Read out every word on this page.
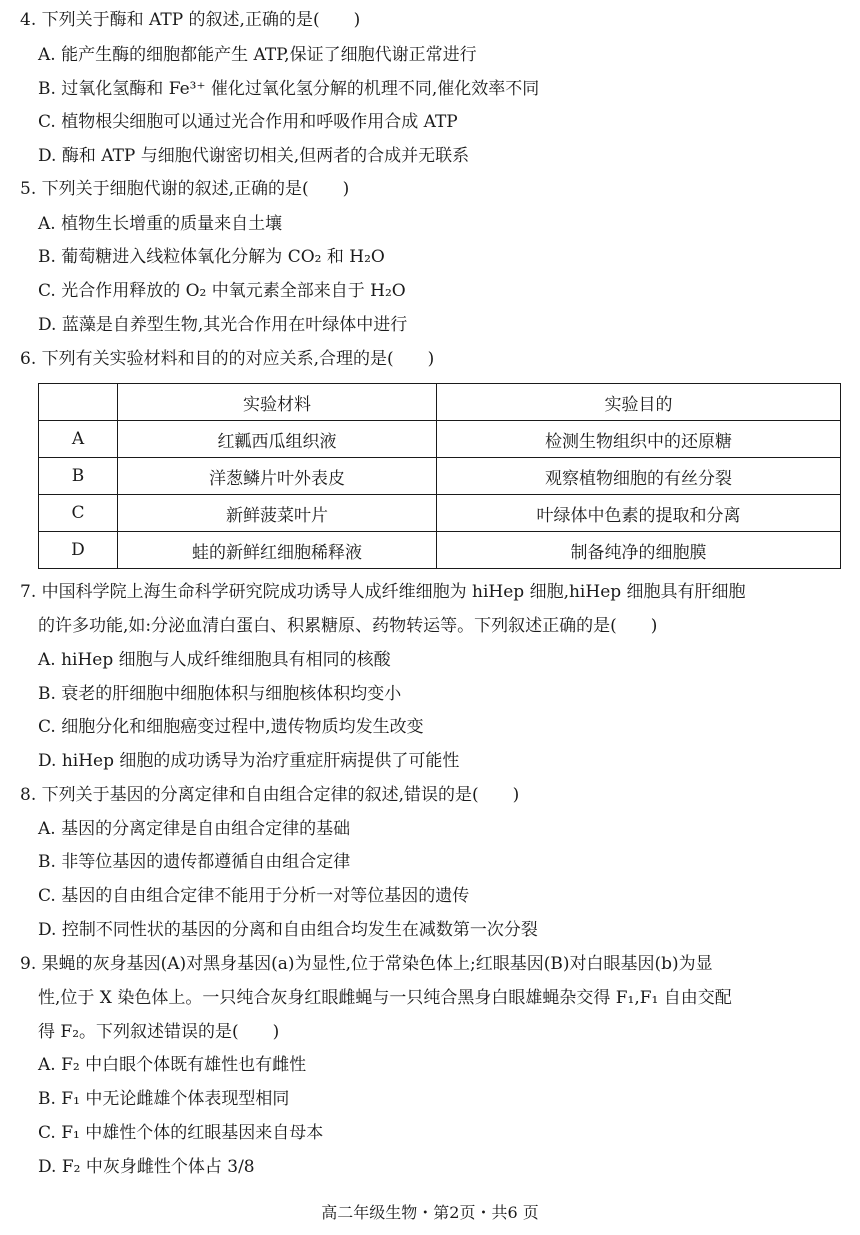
4. 下列关于酶和 ATP 的叙述,正确的是(　　)
A. 能产生酶的细胞都能产生 ATP,保证了细胞代谢正常进行
B. 过氧化氢酶和 Fe³⁺ 催化过氧化氢分解的机理不同,催化效率不同
C. 植物根尖细胞可以通过光合作用和呼吸作用合成 ATP
D. 酶和 ATP 与细胞代谢密切相关,但两者的合成并无联系
5. 下列关于细胞代谢的叙述,正确的是(　　)
A. 植物生长增重的质量来自土壤
B. 葡萄糖进入线粒体氧化分解为 CO₂ 和 H₂O
C. 光合作用释放的 O₂ 中氧元素全部来自于 H₂O
D. 蓝藻是自养型生物,其光合作用在叶绿体中进行
6. 下列有关实验材料和目的的对应关系,合理的是(　　)
	实验材料	实验目的
A	红瓤西瓜组织液	检测生物组织中的还原糖
B	洋葱鳞片叶外表皮	观察植物细胞的有丝分裂
C	新鲜菠菜叶片	叶绿体中色素的提取和分离
D	蛙的新鲜红细胞稀释液	制备纯净的细胞膜
7. 中国科学院上海生命科学研究院成功诱导人成纤维细胞为 hiHep 细胞,hiHep 细胞具有肝细胞
的许多功能,如:分泌血清白蛋白、积累糖原、药物转运等。下列叙述正确的是(　　)
A. hiHep 细胞与人成纤维细胞具有相同的核酸
B. 衰老的肝细胞中细胞体积与细胞核体积均变小
C. 细胞分化和细胞癌变过程中,遗传物质均发生改变
D. hiHep 细胞的成功诱导为治疗重症肝病提供了可能性
8. 下列关于基因的分离定律和自由组合定律的叙述,错误的是(　　)
A. 基因的分离定律是自由组合定律的基础
B. 非等位基因的遗传都遵循自由组合定律
C. 基因的自由组合定律不能用于分析一对等位基因的遗传
D. 控制不同性状的基因的分离和自由组合均发生在减数第一次分裂
9. 果蝇的灰身基因(A)对黑身基因(a)为显性,位于常染色体上;红眼基因(B)对白眼基因(b)为显
性,位于 X 染色体上。一只纯合灰身红眼雌蝇与一只纯合黑身白眼雄蝇杂交得 F₁,F₁ 自由交配
得 F₂。下列叙述错误的是(　　)
A. F₂ 中白眼个体既有雄性也有雌性
B. F₁ 中无论雌雄个体表现型相同
C. F₁ 中雄性个体的红眼基因来自母本
D. F₂ 中灰身雌性个体占 3/8
高二年级生物・第2页・共6 页
